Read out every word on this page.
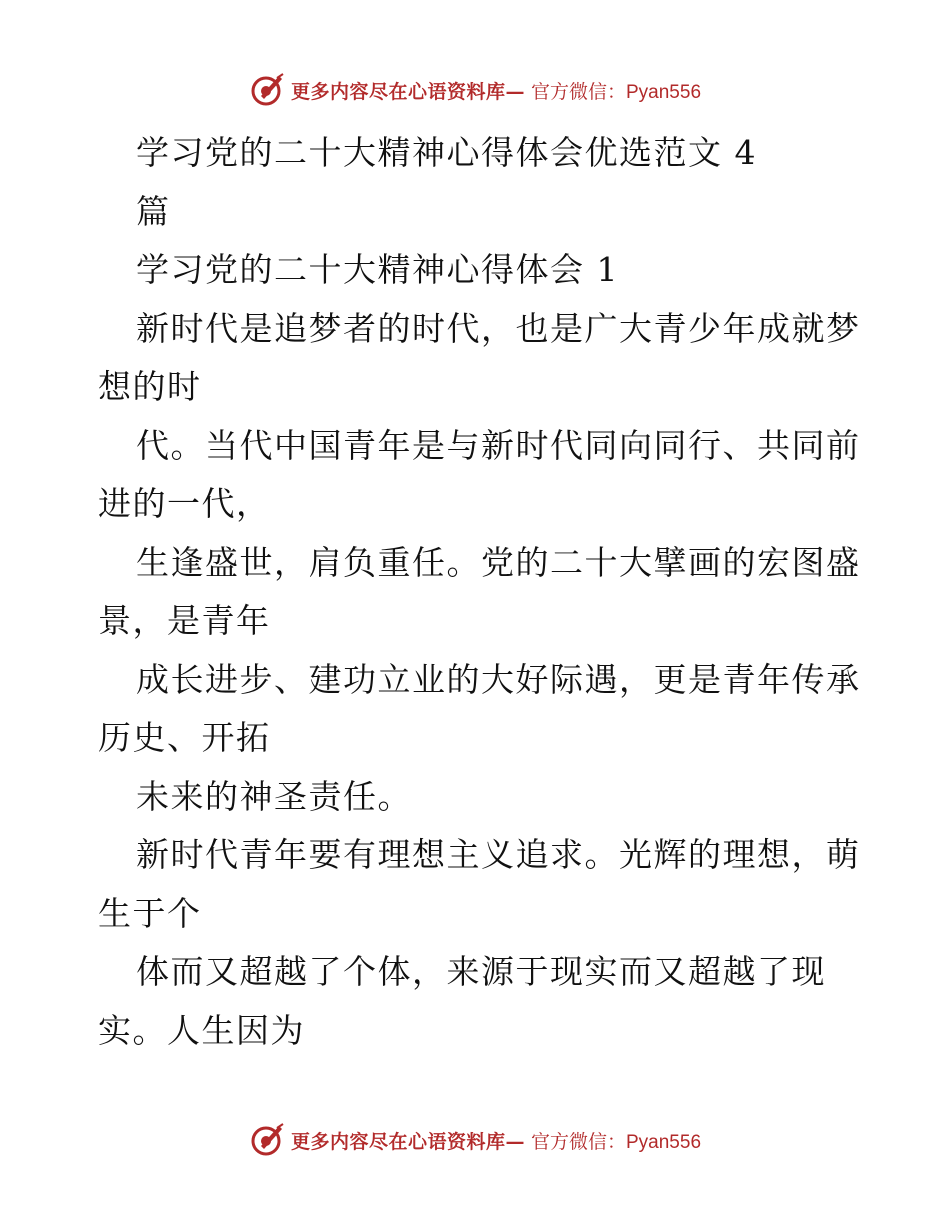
更多内容尽在心语资料库— 官方微信：Pyan556
学习党的二十大精神心得体会优选范文 4
篇
学习党的二十大精神心得体会 1
新时代是追梦者的时代，也是广大青少年成就梦
想的时
代。当代中国青年是与新时代同向同行、共同前
进的一代，
生逢盛世，肩负重任。党的二十大擘画的宏图盛
景，是青年
成长进步、建功立业的大好际遇，更是青年传承
历史、开拓
未来的神圣责任。
新时代青年要有理想主义追求。光辉的理想，萌
生于个
体而又超越了个体，来源于现实而又超越了现
实。人生因为
更多内容尽在心语资料库— 官方微信：Pyan556
